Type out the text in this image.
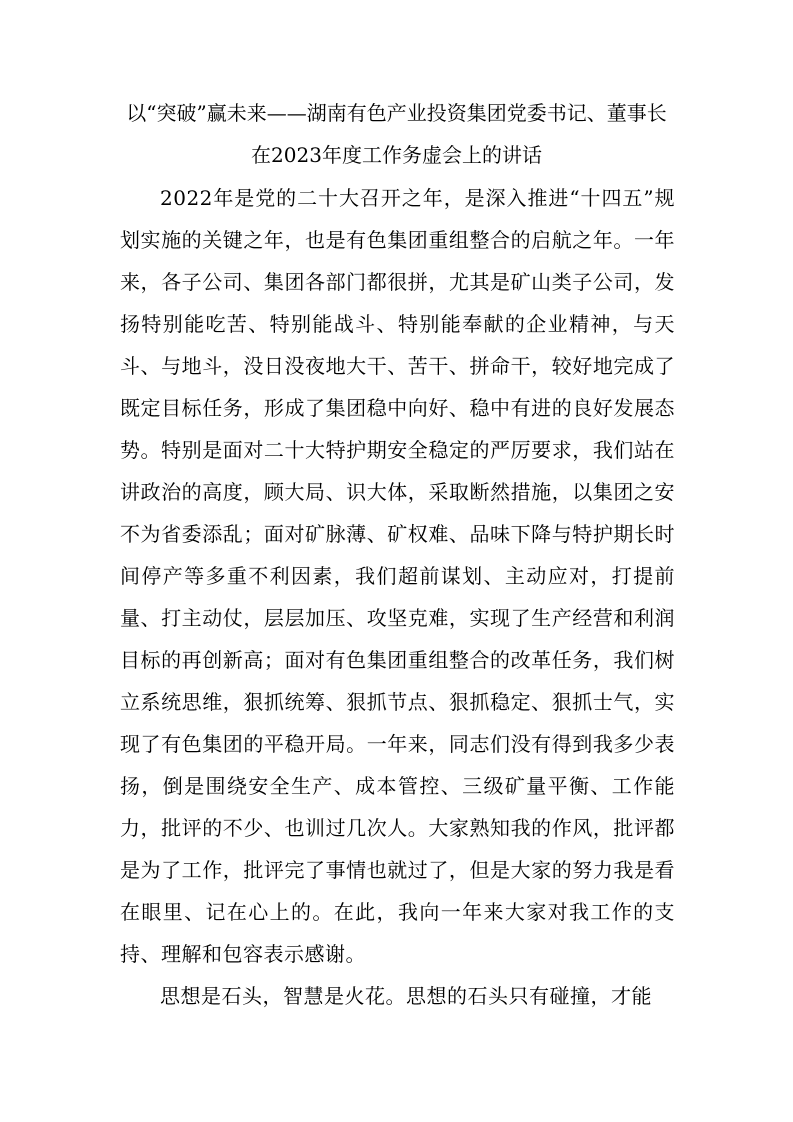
以“突破”赢未来——湖南有色产业投资集团党委书记、董事长在2023年度工作务虚会上的讲话

2022年是党的二十大召开之年，是深入推进“十四五”规划实施的关键之年，也是有色集团重组整合的启航之年。一年来，各子公司、集团各部门都很拼，尤其是矿山类子公司，发扬特别能吃苦、特别能战斗、特别能奉献的企业精神，与天斗、与地斗，没日没夜地大干、苦干、拼命干，较好地完成了既定目标任务，形成了集团稳中向好、稳中有进的良好发展态势。特别是面对二十大特护期安全稳定的严厉要求，我们站在讲政治的高度，顾大局、识大体，采取断然措施，以集团之安不为省委添乱；面对矿脉薄、矿权难、品味下降与特护期长时间停产等多重不利因素，我们超前谋划、主动应对，打提前量、打主动仗，层层加压、攻坚克难，实现了生产经营和利润目标的再创新高；面对有色集团重组整合的改革任务，我们树立系统思维，狠抓统筹、狠抓节点、狠抓稳定、狠抓士气，实现了有色集团的平稳开局。一年来，同志们没有得到我多少表扬，倒是围绕安全生产、成本管控、三级矿量平衡、工作能力，批评的不少、也训过几次人。大家熟知我的作风，批评都是为了工作，批评完了事情也就过了，但是大家的努力我是看在眼里、记在心上的。在此，我向一年来大家对我工作的支持、理解和包容表示感谢。

思想是石头，智慧是火花。思想的石头只有碰撞，才能
